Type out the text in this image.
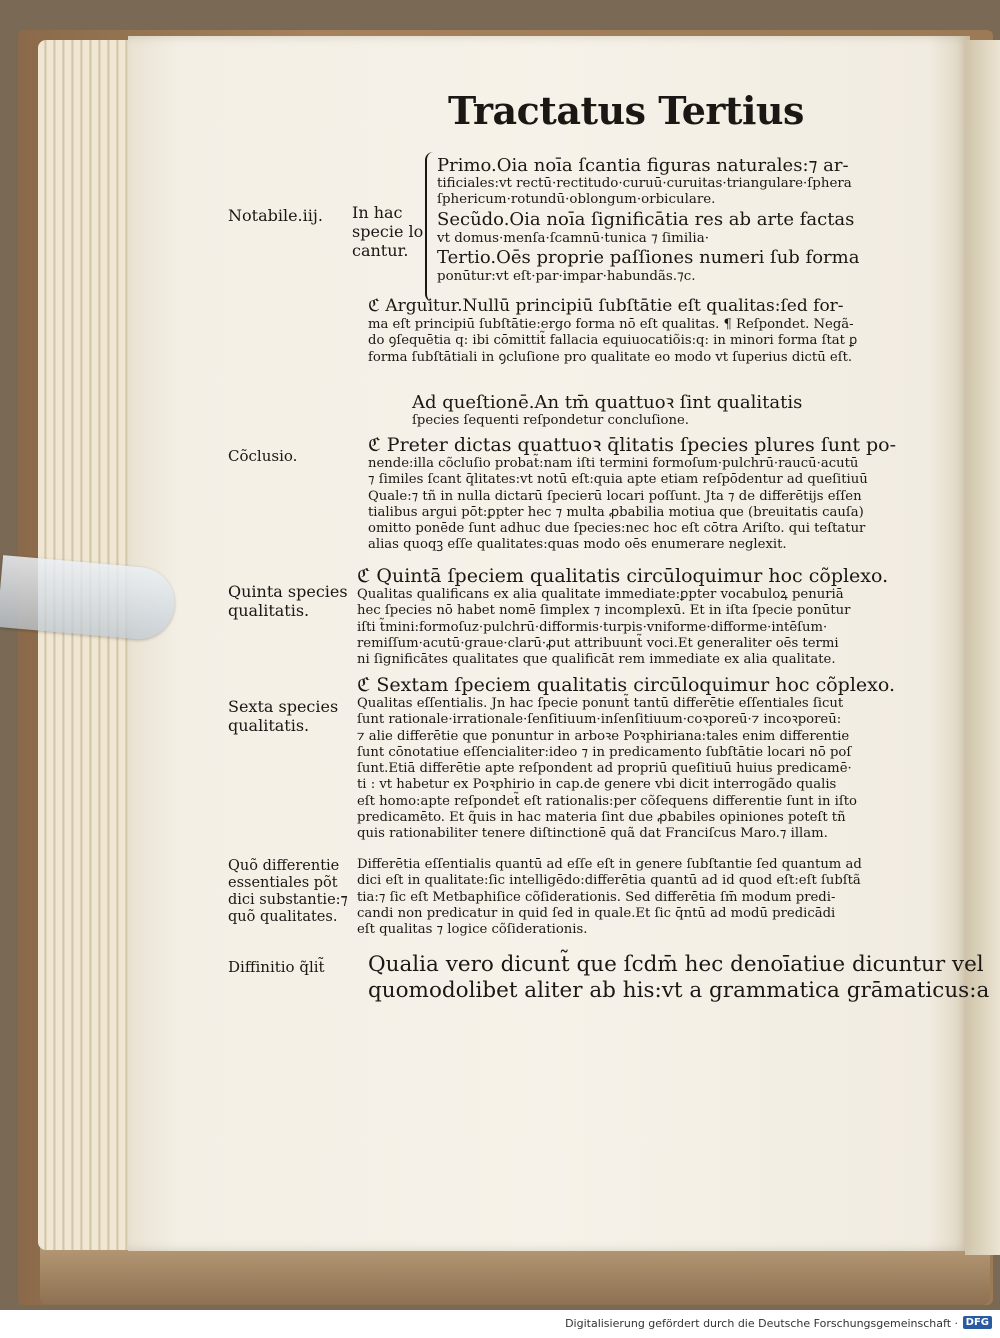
Tractatus Tertius
Notabile.iij. In hac
specie lo
cantur.
Cõclusio.
Quinta species
qualitatis.
Sexta species
qualitatis.
Quõ differentie
essentiales põt
dici substantie:⁊
quõ qualitates.
Diffinitio q̃lit̃
Primo.Oia noīa ſcantia figuras naturales:⁊ ar-
tificiales:vt rectū·rectitudo·curuū·curuitas·triangulare·ſphera
ſphericum·rotundū·oblongum·orbiculare.
Secũdo.Oia noīa ſignificātia res ab arte factas
vt domus·menſa·ſcamnū·tunica ⁊ ſimilia·
Tertio.Oēs proprie paſſiones numeri ſub forma
ponūtur:vt eſt·par·impar·habundãs.⁊c.
ℭ Arguitur.Nullū principiū ſubſtātie eſt qualitas:ſed for-
ma eſt principiū ſubſtātie:ergo forma nō eſt qualitas. ¶ Reſpondet. Negã-
do ꝯſequētia q: ibi cōmittit̃ fallacia equiuocatiõis:q: in minori forma ſtat ꝑ
forma ſubſtātiali in ꝯcluſione pro qualitate eo modo vt ſuperius dictū eſt.
Ad queſtionē.An tm̄ quattuoꝛ ſint qualitatis
ſpecies ſequenti reſpondetur concluſione.
ℭ Preter dictas quattuoꝛ q̄litatis ſpecies plures ſunt po-
nende:illa cõcluſio probat̃:nam iſti termini formoſum·pulchrū·raucū·acutū
⁊ ſimiles ſcant q̄litates:vt notū eſt:quia apte etiam reſpōdentur ad queſitiuū
Quale:⁊ tñ in nulla dictarū ſpecierū locari poſſunt. Jta ⁊ de differētijs eſſen
tialibus argui pōt:ꝑpter hec ⁊ multa ꝓbabilia motiua que (breuitatis cauſa)
omitto ponēde ſunt adhuc due ſpecies:nec hoc eſt cōtra Ariſto. qui teſtatur
alias quoqꝫ eſſe qualitates:quas modo oēs enumerare neglexit.
ℭ Quintā ſpeciem qualitatis circūloquimur hoc cõplexo.
Qualitas qualificans ex alia qualitate immediate:ꝑpter vocabuloꝝ penuriā
hec ſpecies nō habet nomē ſimplex ⁊ incomplexū. Et in iſta ſpecie ponūtur
iſti t̃mini:formoſuz·pulchrū·difformis·turpis·vniforme·difforme·intēſum·
remiſſum·acutū·graue·clarū·ꝓut attribuunt̃ voci.Et generaliter oēs termi
ni ſignificātes qualitates que qualificāt rem immediate ex alia qualitate.
ℭ Sextam ſpeciem qualitatis circūloquimur hoc cõplexo.
Qualitas eſſentialis. Jn hac ſpecie ponunt̃ tantū differētie eſſentiales ſicut
ſunt rationale·irrationale·ſenſitiuum·inſenſitiuum·coꝛporeū·⁊ incoꝛporeū:
⁊ alie differētie que ponuntur in arboꝛe Poꝛphiriana:tales enim differentie
ſunt cōnotatiue eſſencialiter:ideo ⁊ in predicamento ſubſtātie locari nō poſ
ſunt.Etiā differētie apte reſpondent ad propriū queſitiuū huius predicamē·
ti : vt habetur ex Poꝛphirio in cap.de genere vbi dicit interrogãdo qualis
eſt homo:apte reſpondet̃ eſt rationalis:per cõſequens differentie ſunt in iſto
predicamēto. Et q̃uis in hac materia ſint due ꝓbabiles opiniones poteſt tñ
quis rationabiliter tenere diſtinctionē quã dat Franciſcus Maro.⁊ illam.
Differētia eſſentialis quantū ad eſſe eſt in genere ſubſtantie ſed quantum ad
dici eſt in qualitate:ſic intelligēdo:differētia quantū ad id quod eſt:eſt ſubſtã
tia:⁊ ſic eſt Metbaphiſice cõſiderationis. Sed differētia ſm̄ modum predi-
candi non predicatur in quid ſed in quale.Et ſic q̄ntū ad modū predicādi
eſt qualitas ⁊ logice cõſiderationis.
Qualia vero dicunt̃ que ſcdm̄ hec denoīatiue dicuntur vel
quomodolibet aliter ab his:vt a grammatica grāmaticus:a
Digitalisierung gefördert durch die Deutsche Forschungsgemeinschaft · DFG
